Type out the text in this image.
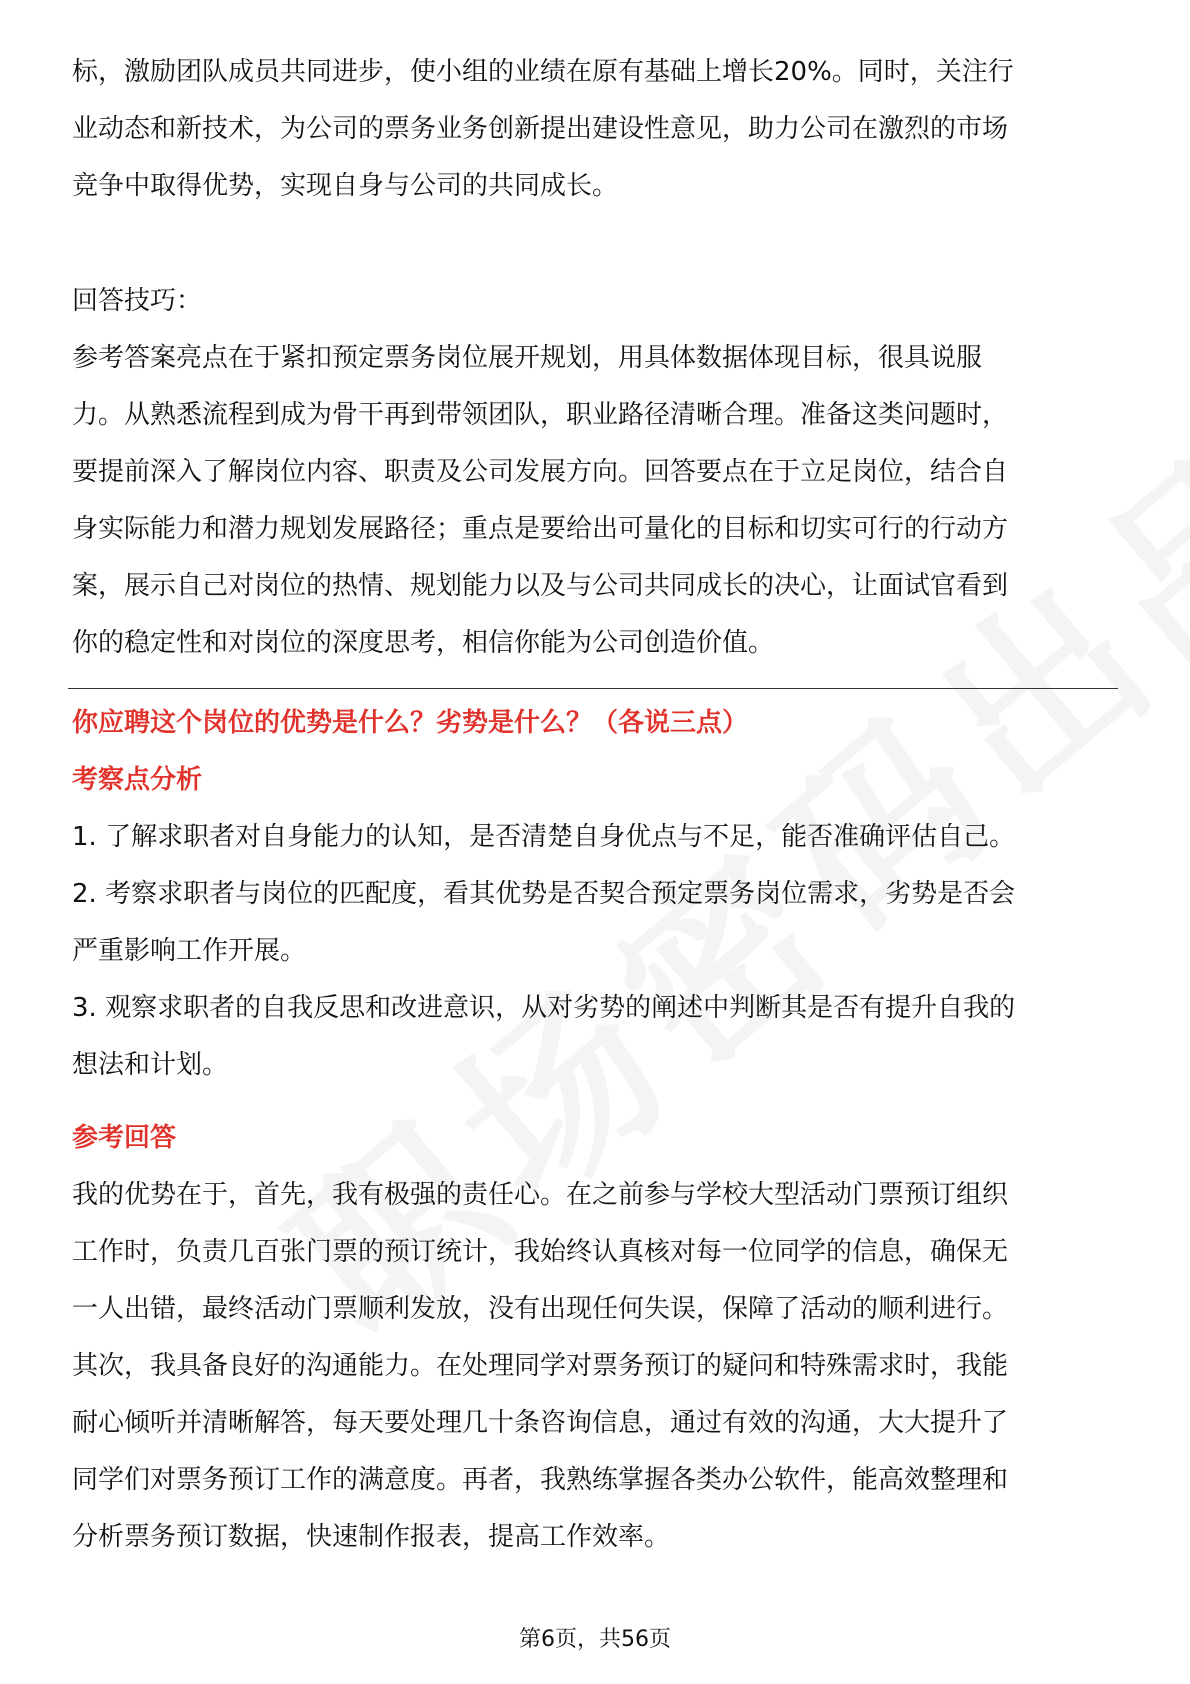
标，激励团队成员共同进步，使小组的业绩在原有基础上增长20%。同时，关注行
业动态和新技术，为公司的票务业务创新提出建设性意见，助力公司在激烈的市场
竞争中取得优势，实现自身与公司的共同成长。
回答技巧：
参考答案亮点在于紧扣预定票务岗位展开规划，用具体数据体现目标，很具说服
力。从熟悉流程到成为骨干再到带领团队，职业路径清晰合理。准备这类问题时，
要提前深入了解岗位内容、职责及公司发展方向。回答要点在于立足岗位，结合自
身实际能力和潜力规划发展路径；重点是要给出可量化的目标和切实可行的行动方
案，展示自己对岗位的热情、规划能力以及与公司共同成长的决心，让面试官看到
你的稳定性和对岗位的深度思考，相信你能为公司创造价值。
你应聘这个岗位的优势是什么？劣势是什么？（各说三点）
考察点分析
1. 了解求职者对自身能力的认知，是否清楚自身优点与不足，能否准确评估自己。
2. 考察求职者与岗位的匹配度，看其优势是否契合预定票务岗位需求，劣势是否会
严重影响工作开展。
3. 观察求职者的自我反思和改进意识，从对劣势的阐述中判断其是否有提升自我的
想法和计划。
参考回答
我的优势在于，首先，我有极强的责任心。在之前参与学校大型活动门票预订组织
工作时，负责几百张门票的预订统计，我始终认真核对每一位同学的信息，确保无
一人出错，最终活动门票顺利发放，没有出现任何失误，保障了活动的顺利进行。
其次，我具备良好的沟通能力。在处理同学对票务预订的疑问和特殊需求时，我能
耐心倾听并清晰解答，每天要处理几十条咨询信息，通过有效的沟通，大大提升了
同学们对票务预订工作的满意度。再者，我熟练掌握各类办公软件，能高效整理和
分析票务预订数据，快速制作报表，提高工作效率。
第6页，共56页
